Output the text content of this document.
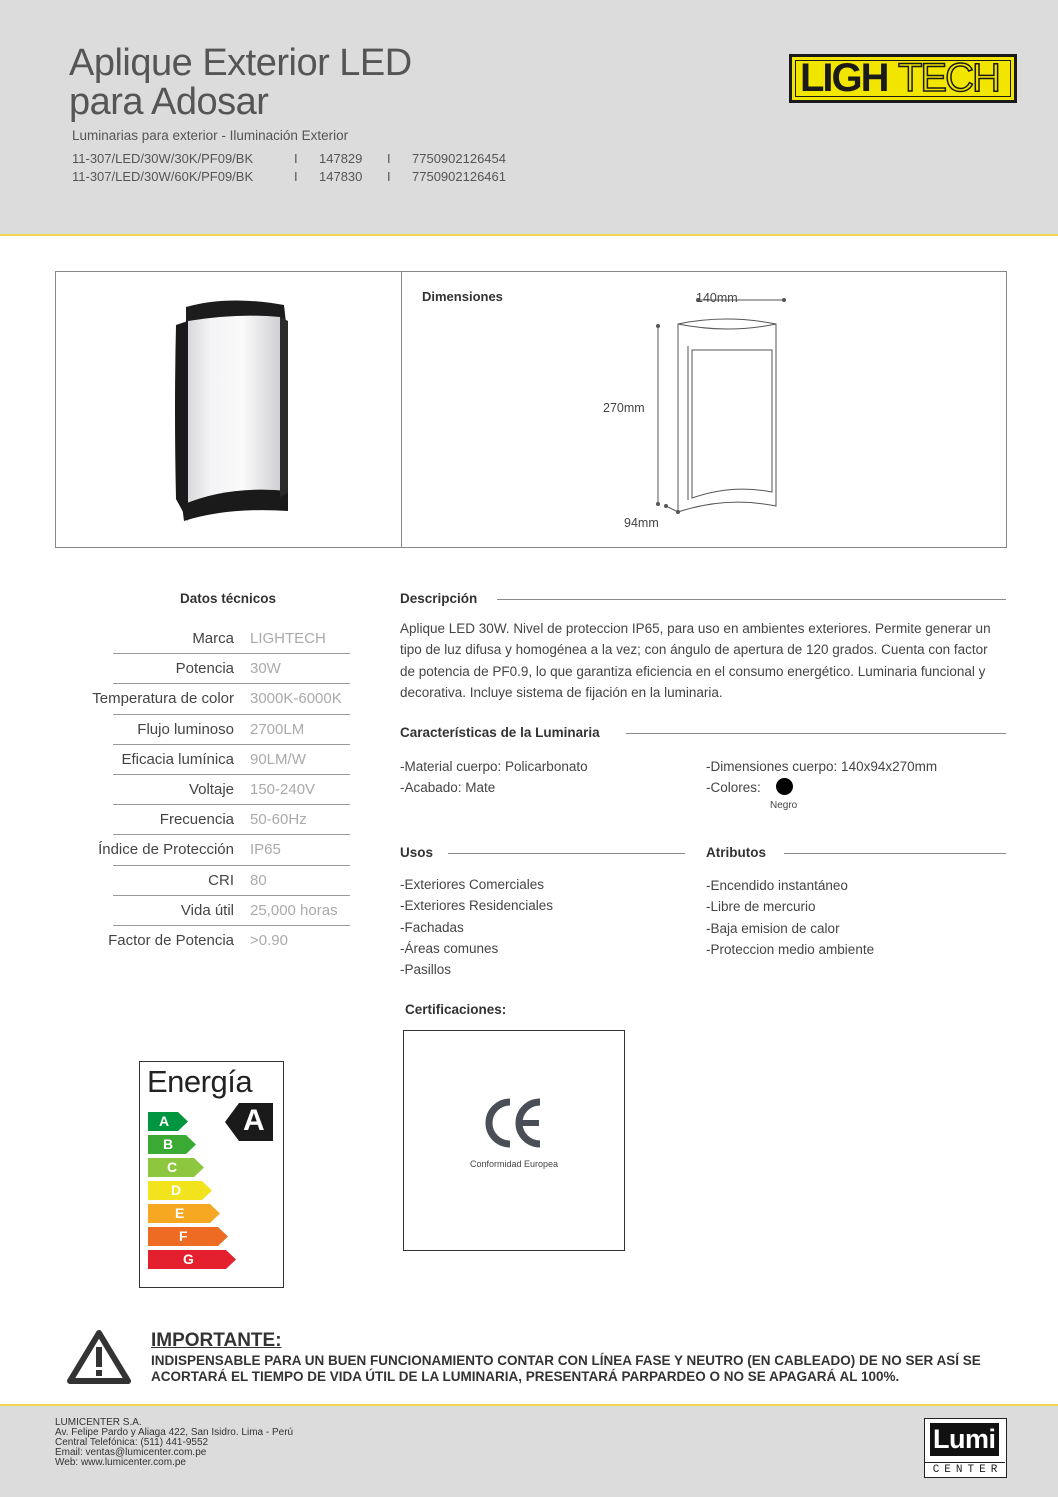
Aplique Exterior LED
para Adosar
Luminarias para exterior - Iluminación Exterior
11-307/LED/30W/30K/PF09/BK	I 147829 I 7750902126454
11-307/LED/30W/60K/PF09/BK	I 147830 I 7750902126461
LIGH TECH
Dimensiones	140mm
270mm
94mm
Datos técnicos
Marca LIGHTECH
Potencia 30W
Temperatura de color 3000K-6000K
Flujo luminoso 2700LM
Eficacia lumínica 90LM/W
Voltaje 150-240V
Frecuencia 50-60Hz
Índice de Protección IP65
CRI 80
Vida útil 25,000 horas
Factor de Potencia >0.90
Descripción
Aplique LED 30W. Nivel de proteccion IP65, para uso en ambientes exteriores. Permite generar un tipo de luz difusa y homogénea a la vez; con ángulo de apertura de 120 grados. Cuenta con factor de potencia de PF0.9, lo que garantiza eficiencia en el consumo energético. Luminaria funcional y decorativa. Incluye sistema de fijación en la luminaria.
Características de la Luminaria
-Material cuerpo: Policarbonato
-Acabado: Mate
-Dimensiones cuerpo: 140x94x270mm
-Colores:
Negro
Usos
-Exteriores Comerciales
-Exteriores Residenciales
-Fachadas
-Áreas comunes
-Pasillos
Atributos
-Encendido instantáneo
-Libre de mercurio
-Baja emision de calor
-Proteccion medio ambiente
Energía
A
B
C
D
E
F
G
A
Certificaciones:
Conformidad Europea
IMPORTANTE:
INDISPENSABLE PARA UN BUEN FUNCIONAMIENTO CONTAR CON LÍNEA FASE Y NEUTRO (EN CABLEADO) DE NO SER ASÍ SE ACORTARÁ EL TIEMPO DE VIDA ÚTIL DE LA LUMINARIA, PRESENTARÁ PARPARDEO O NO SE APAGARÁ AL 100%.
LUMICENTER S.A.
Av. Felipe Pardo y Aliaga 422, San Isidro. Lima - Perú
Central Telefónica: (511) 441-9552
Email: ventas@lumicenter.com.pe
Web: www.lumicenter.com.pe
Lumi
CENTER
